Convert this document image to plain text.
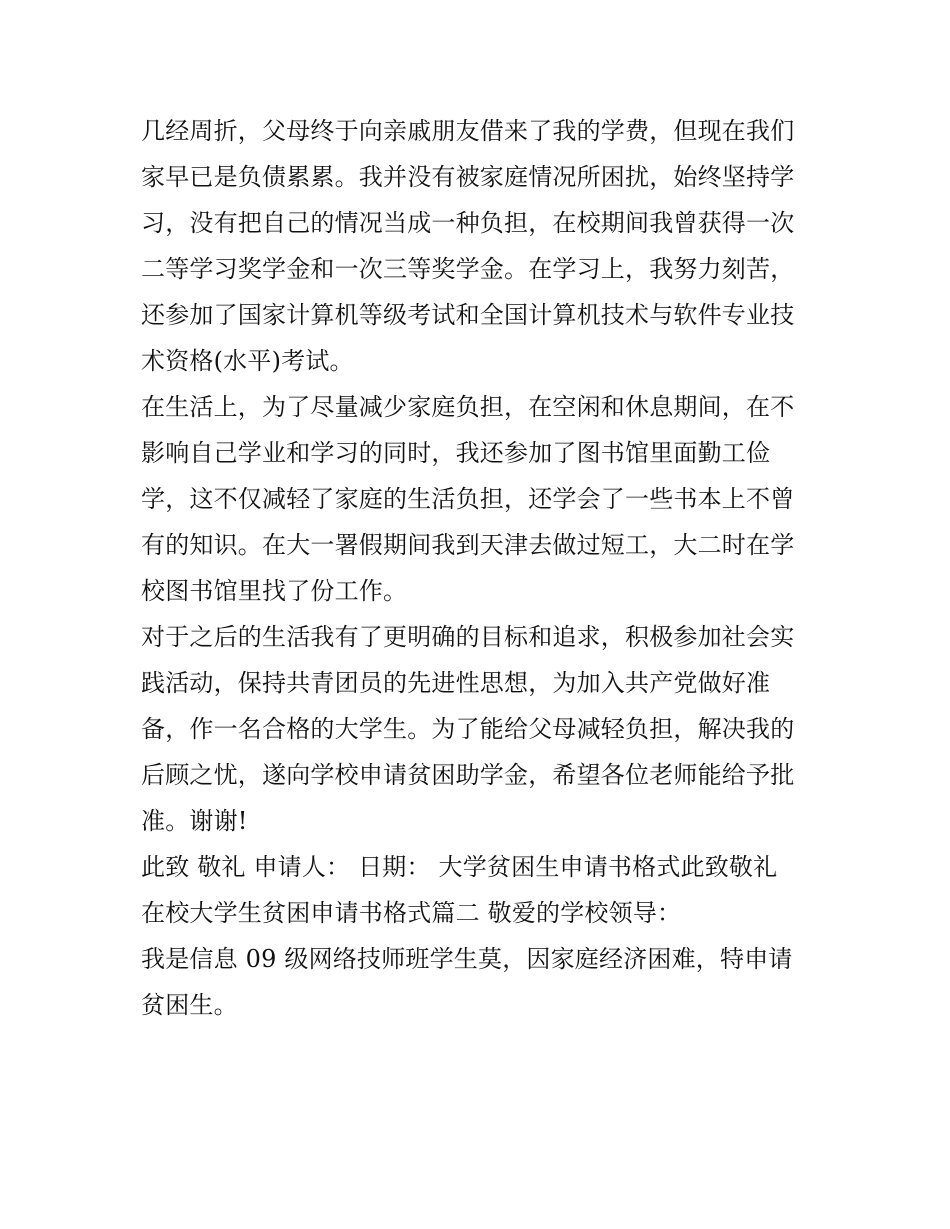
几经周折，父母终于向亲戚朋友借来了我的学费，但现在我们
家早已是负债累累。我并没有被家庭情况所困扰，始终坚持学
习，没有把自己的情况当成一种负担，在校期间我曾获得一次
二等学习奖学金和一次三等奖学金。在学习上，我努力刻苦，
还参加了国家计算机等级考试和全国计算机技术与软件专业技
术资格(水平)考试。
在生活上，为了尽量减少家庭负担，在空闲和休息期间，在不
影响自己学业和学习的同时，我还参加了图书馆里面勤工俭
学，这不仅减轻了家庭的生活负担，还学会了一些书本上不曾
有的知识。在大一署假期间我到天津去做过短工，大二时在学
校图书馆里找了份工作。
对于之后的生活我有了更明确的目标和追求，积极参加社会实
践活动，保持共青团员的先进性思想，为加入共产党做好准
备，作一名合格的大学生。为了能给父母减轻负担，解决我的
后顾之忧，遂向学校申请贫困助学金，希望各位老师能给予批
准。谢谢!
此致 敬礼 申请人： 日期： 大学贫困生申请书格式此致敬礼
在校大学生贫困申请书格式篇二 敬爱的学校领导：
我是信息 09 级网络技师班学生莫，因家庭经济困难，特申请
贫困生。
